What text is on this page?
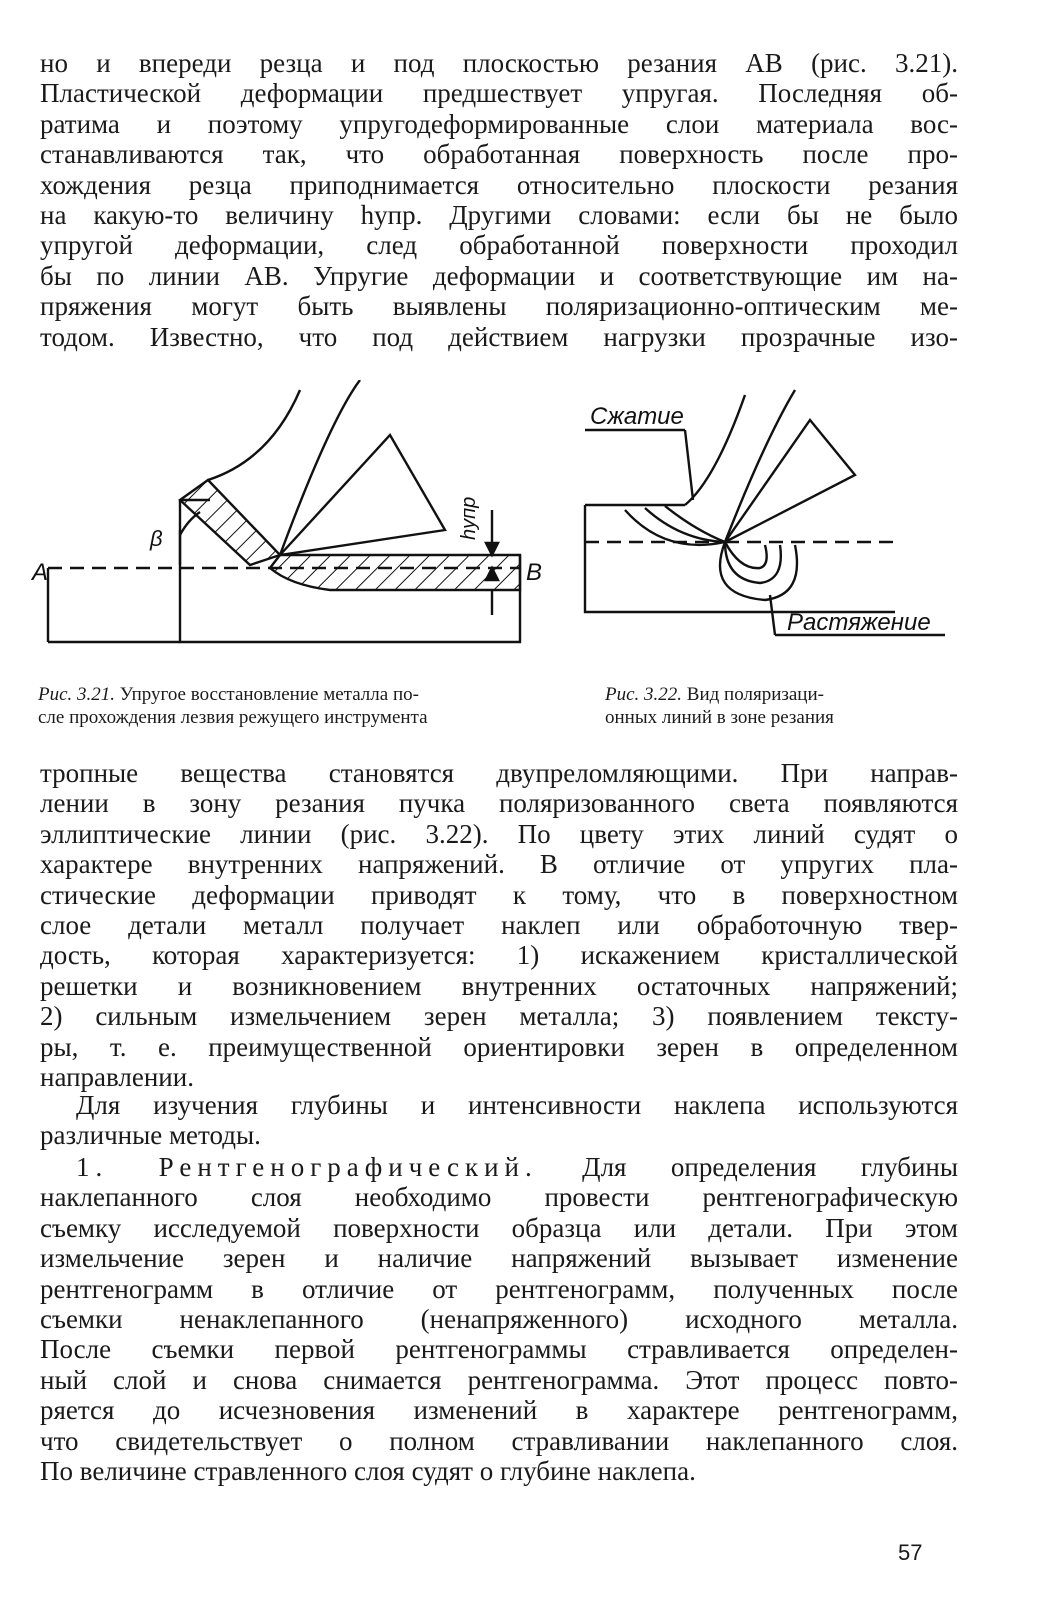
но и впереди резца и под плоскостью резания AB (рис. 3.21).
Пластической деформации предшествует упругая. Последняя об-
ратима и поэтому упругодеформированные слои материала вос-
станавливаются так, что обработанная поверхность после про-
хождения резца приподнимается относительно плоскости резания
на какую-то величину hупр. Другими словами: если бы не было
упругой деформации, след обработанной поверхности проходил
бы по линии AB. Упругие деформации и соответствующие им на-
пряжения могут быть выявлены поляризационно-оптическим ме-
тодом. Известно, что под действием нагрузки прозрачные изо-
A	B
β	hупр
Сжатие
Растяжение
Рис. 3.21. Упругое восстановление металла по-
сле прохождения лезвия режущего инструмента
Рис. 3.22. Вид поляризаци-
онных линий в зоне резания
тропные вещества становятся двупреломляющими. При направ-
лении в зону резания пучка поляризованного света появляются
эллиптические линии (рис. 3.22). По цвету этих линий судят о
характере внутренних напряжений. В отличие от упругих пла-
стические деформации приводят к тому, что в поверхностном
слое детали металл получает наклеп или обработочную твер-
дость, которая характеризуется: 1) искажением кристаллической
решетки и возникновением внутренних остаточных напряжений;
2) сильным измельчением зерен металла; 3) появлением тексту-
ры, т. е. преимущественной ориентировки зерен в определенном
направлении.
Для изучения глубины и интенсивности наклепа используются
различные методы.
1. Рентгенографический. Для определения глубины
наклепанного слоя необходимо провести рентгенографическую
съемку исследуемой поверхности образца или детали. При этом
измельчение зерен и наличие напряжений вызывает изменение
рентгенограмм в отличие от рентгенограмм, полученных после
съемки ненаклепанного (ненапряженного) исходного металла.
После съемки первой рентгенограммы стравливается определен-
ный слой и снова снимается рентгенограмма. Этот процесс повто-
ряется до исчезновения изменений в характере рентгенограмм,
что свидетельствует о полном стравливании наклепанного слоя.
По величине стравленного слоя судят о глубине наклепа.
57
